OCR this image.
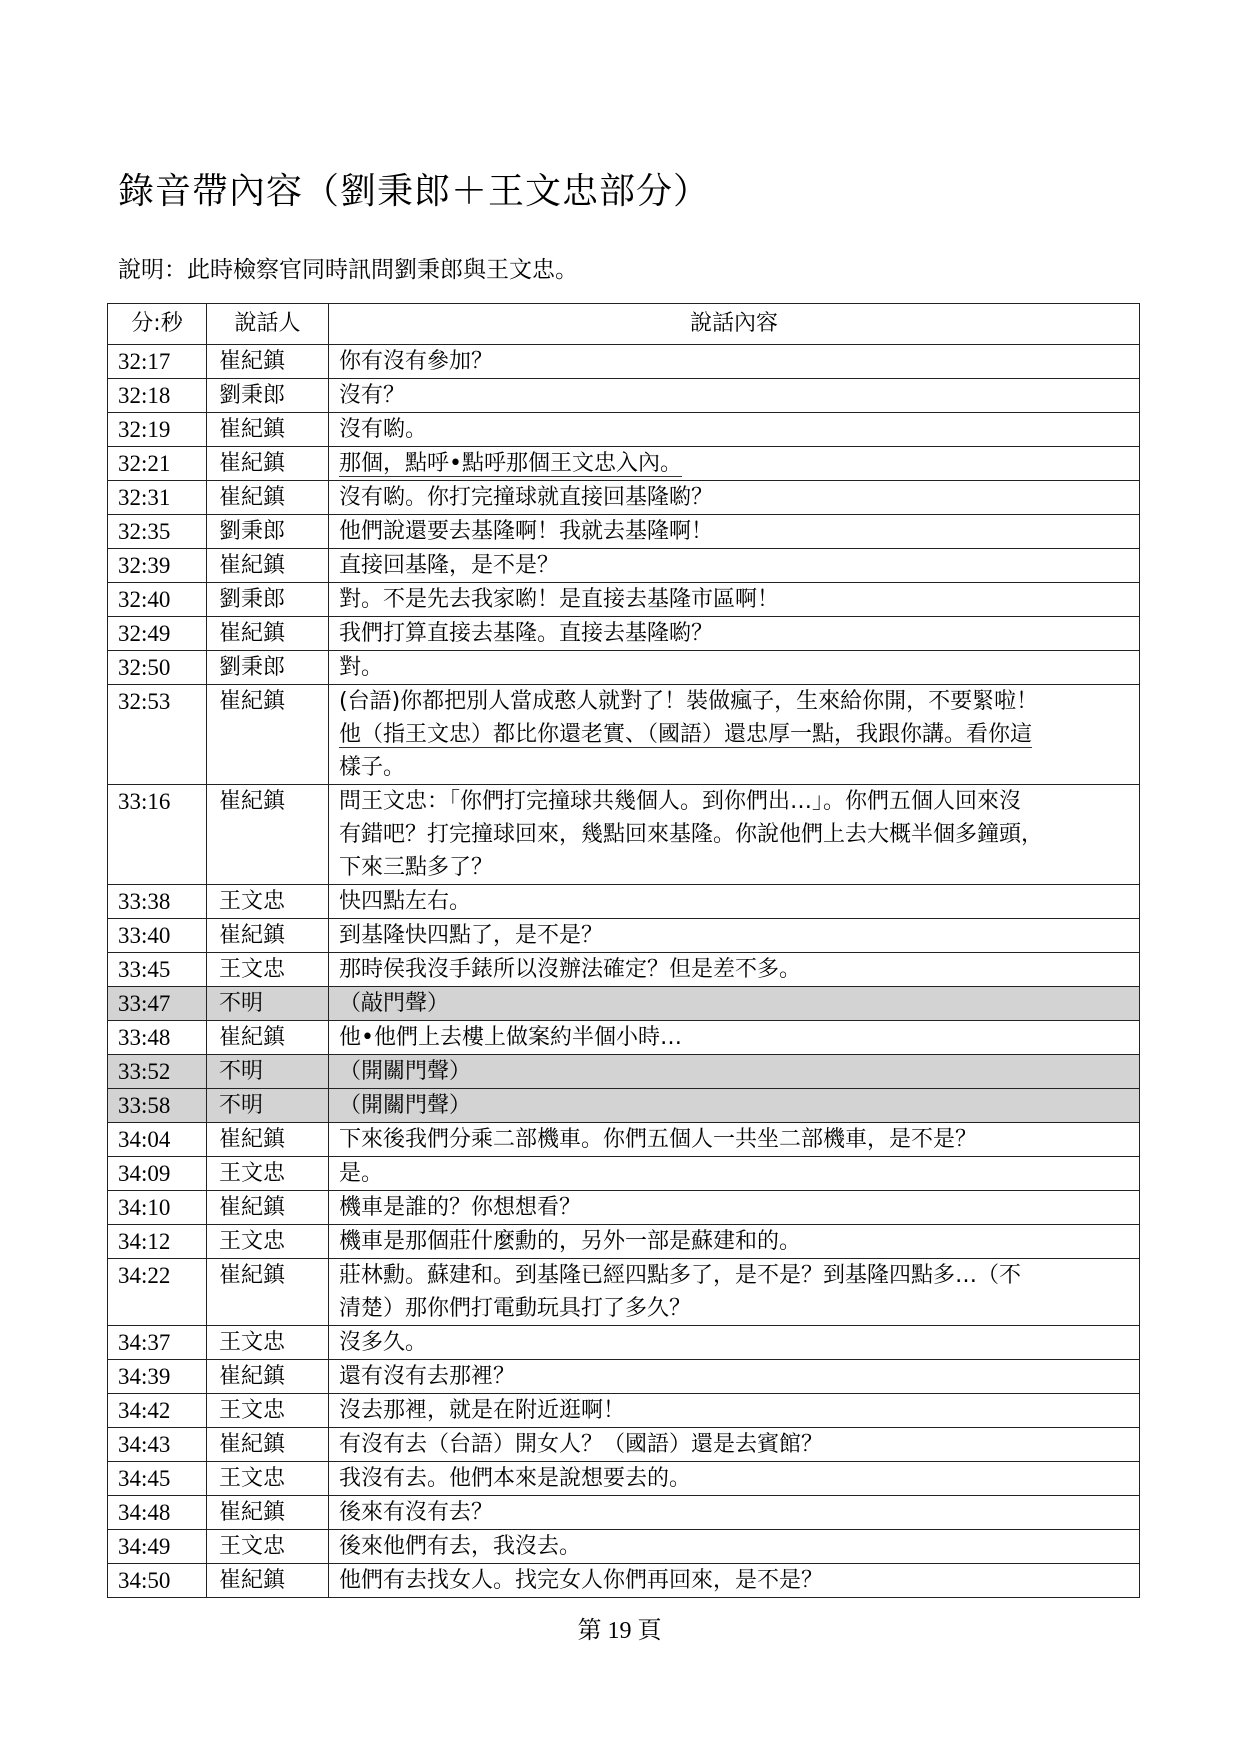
錄音帶內容（劉秉郎＋王文忠部分）
說明：此時檢察官同時訊問劉秉郎與王文忠。
分:秒	說話人	說話內容
32:17	崔紀鎮	你有沒有參加？
32:18	劉秉郎	沒有？
32:19	崔紀鎮	沒有喲。
32:21	崔紀鎮	那個，點呼•點呼那個王文忠入內。
32:31	崔紀鎮	沒有喲。你打完撞球就直接回基隆喲？
32:35	劉秉郎	他們說還要去基隆啊！我就去基隆啊！
32:39	崔紀鎮	直接回基隆，是不是？
32:40	劉秉郎	對。不是先去我家喲！是直接去基隆市區啊！
32:49	崔紀鎮	我們打算直接去基隆。直接去基隆喲？
32:50	劉秉郎	對。
32:53	崔紀鎮	(台語)你都把別人當成憨人就對了！裝做瘋子，生來給你開，不要緊啦！
他（指王文忠）都比你還老實、（國語）還忠厚一點，我跟你講。看你這
樣子。

33:16	崔紀鎮	問王文忠：「你們打完撞球共幾個人。到你們出…」。你們五個人回來沒
有錯吧？打完撞球回來，幾點回來基隆。你說他們上去大概半個多鐘頭，
下來三點多了？

33:38	王文忠	快四點左右。
33:40	崔紀鎮	到基隆快四點了，是不是？
33:45	王文忠	那時侯我沒手錶所以沒辦法確定？但是差不多。
33:47	不明	（敲門聲）
33:48	崔紀鎮	他•他們上去樓上做案約半個小時…
33:52	不明	（開關門聲）
33:58	不明	（開關門聲）
34:04	崔紀鎮	下來後我們分乘二部機車。你們五個人一共坐二部機車，是不是？
34:09	王文忠	是。
34:10	崔紀鎮	機車是誰的？你想想看？
34:12	王文忠	機車是那個莊什麼勳的，另外一部是蘇建和的。
34:22	崔紀鎮	莊林勳。蘇建和。到基隆已經四點多了，是不是？到基隆四點多…（不
清楚）那你們打電動玩具打了多久？

34:37	王文忠	沒多久。
34:39	崔紀鎮	還有沒有去那裡？
34:42	王文忠	沒去那裡，就是在附近逛啊！
34:43	崔紀鎮	有沒有去（台語）開女人？（國語）還是去賓館？
34:45	王文忠	我沒有去。他們本來是說想要去的。
34:48	崔紀鎮	後來有沒有去？
34:49	王文忠	後來他們有去，我沒去。
34:50	崔紀鎮	他們有去找女人。找完女人你們再回來，是不是？
第 19 頁
